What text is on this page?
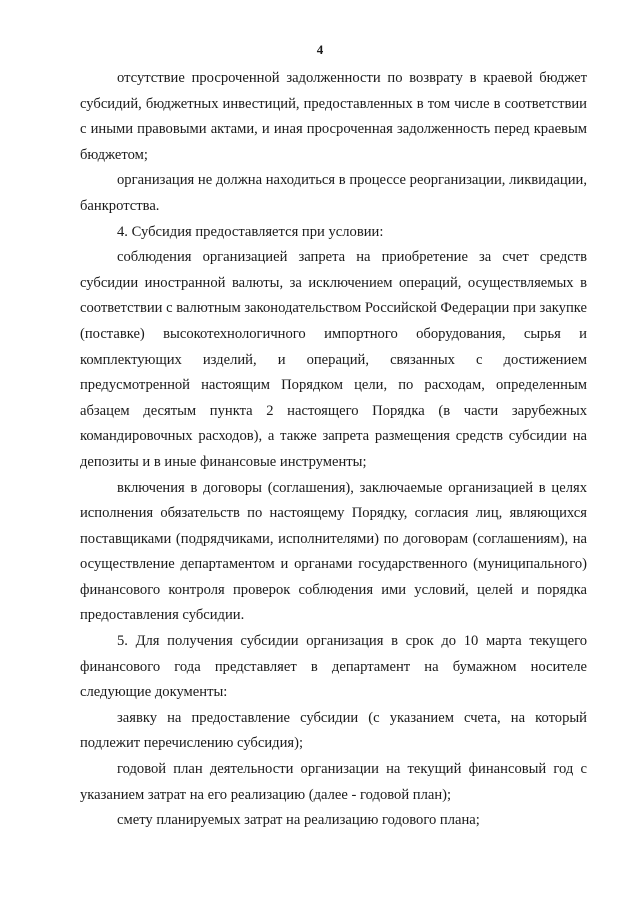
4

отсутствие просроченной задолженности по возврату в краевой бюджет субсидий, бюджетных инвестиций, предоставленных в том числе в соответствии с иными правовыми актами, и иная просроченная задолженность перед краевым бюджетом;

организация не должна находиться в процессе реорганизации, ликвидации, банкротства.

4. Субсидия предоставляется при условии:

соблюдения организацией запрета на приобретение за счет средств субсидии иностранной валюты, за исключением операций, осуществляемых в соответствии с валютным законодательством Российской Федерации при закупке (поставке) высокотехнологичного импортного оборудования, сырья и комплектующих изделий, и операций, связанных с достижением предусмотренной настоящим Порядком цели, по расходам, определенным абзацем десятым пункта 2 настоящего Порядка (в части зарубежных командировочных расходов), а также запрета размещения средств субсидии на депозиты и в иные финансовые инструменты;

включения в договоры (соглашения), заключаемые организацией в целях исполнения обязательств по настоящему Порядку, согласия лиц, являющихся поставщиками (подрядчиками, исполнителями) по договорам (соглашениям), на осуществление департаментом и органами государственного (муниципального) финансового контроля проверок соблюдения ими условий, целей и порядка предоставления субсидии.

5. Для получения субсидии организация в срок до 10 марта текущего финансового года представляет в департамент на бумажном носителе следующие документы:

заявку на предоставление субсидии (с указанием счета, на который подлежит перечислению субсидия);

годовой план деятельности организации на текущий финансовый год с указанием затрат на его реализацию (далее - годовой план);

смету планируемых затрат на реализацию годового плана;
